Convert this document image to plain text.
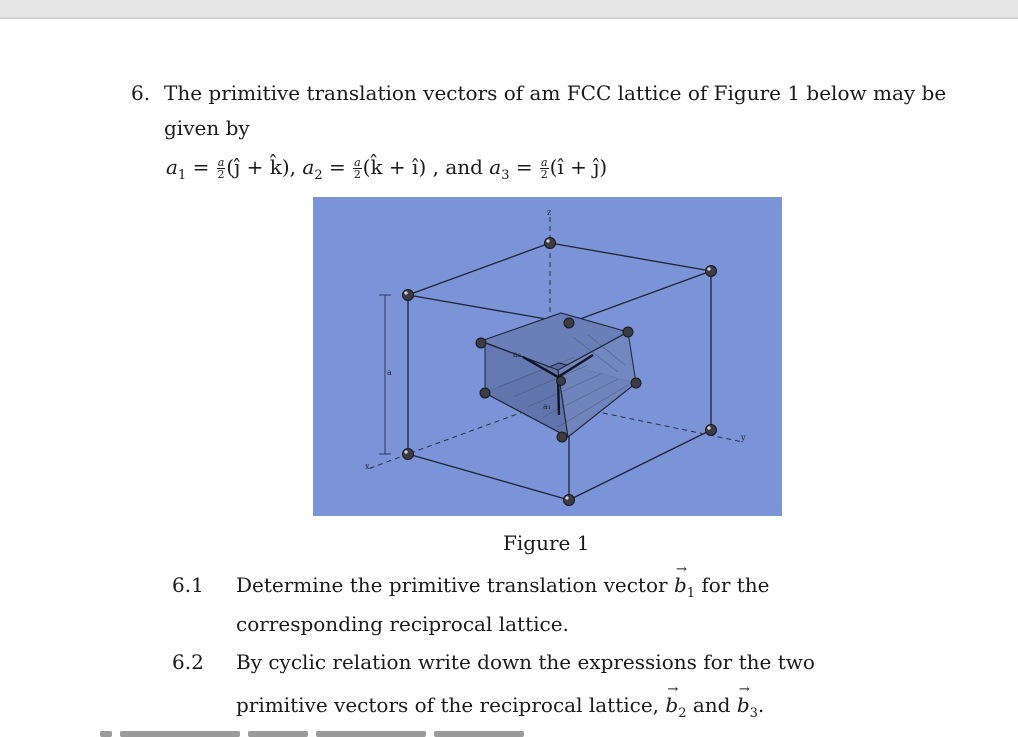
6. The primitive translation vectors of am FCC lattice of Figure 1 below may be
given by
$a_1 = \frac{a}{2}$ (ĵ + k̂), $a_2 = \frac{a}{2}$ (k̂ + î) , and $a_3 = \frac{a}{2}$ (î + ĵ)
z
y
x
a
a₂
a₁
Figure 1
6.1 Determine the primitive translation vector → $b_1$ for the
corresponding reciprocal lattice.
6.2 By cyclic relation write down the expressions for the two
primitive vectors of the reciprocal lattice, → $b_2$ and → $b_3$.
